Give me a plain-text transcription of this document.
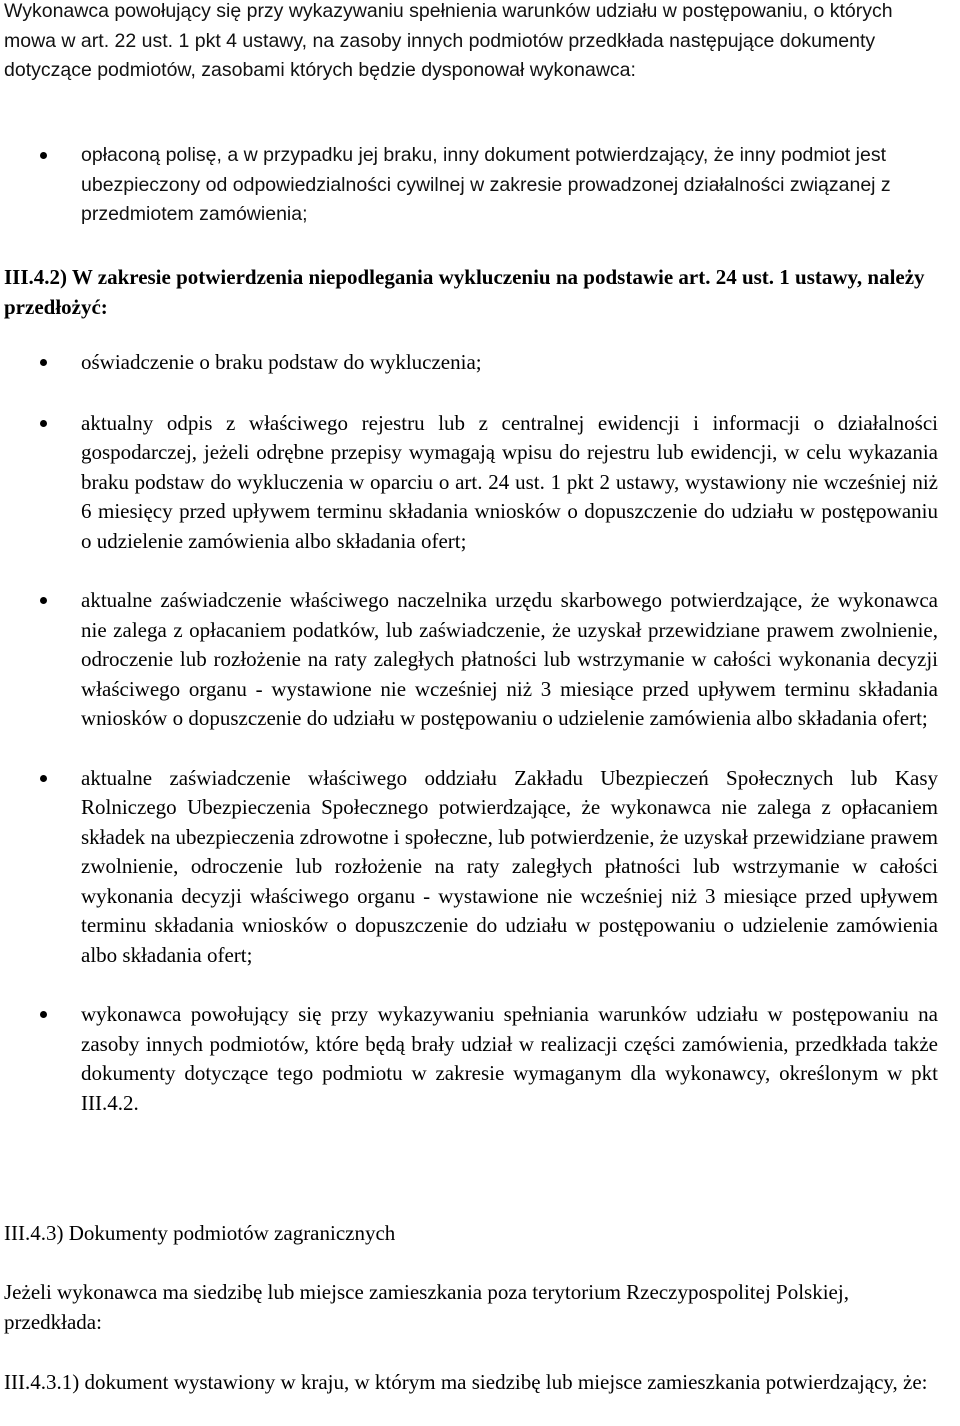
Wykonawca powołujący się przy wykazywaniu spełnienia warunków udziału w postępowaniu, o których mowa w art. 22 ust. 1 pkt 4 ustawy, na zasoby innych podmiotów przedkłada następujące dokumenty dotyczące podmiotów, zasobami których będzie dysponował wykonawca:

opłaconą polisę, a w przypadku jej braku, inny dokument potwierdzający, że inny podmiot jest ubezpieczony od odpowiedzialności cywilnej w zakresie prowadzonej działalności związanej z przedmiotem zamówienia;

III.4.2) W zakresie potwierdzenia niepodlegania wykluczeniu na podstawie art. 24 ust. 1 ustawy, należy przedłożyć:

oświadczenie o braku podstaw do wykluczenia;
aktualny odpis z właściwego rejestru lub z centralnej ewidencji i informacji o działalności gospodarczej, jeżeli odrębne przepisy wymagają wpisu do rejestru lub ewidencji, w celu wykazania braku podstaw do wykluczenia w oparciu o art. 24 ust. 1 pkt 2 ustawy, wystawiony nie wcześniej niż 6 miesięcy przed upływem terminu składania wniosków o dopuszczenie do udziału w postępowaniu o udzielenie zamówienia albo składania ofert;
aktualne zaświadczenie właściwego naczelnika urzędu skarbowego potwierdzające, że wykonawca nie zalega z opłacaniem podatków, lub zaświadczenie, że uzyskał przewidziane prawem zwolnienie, odroczenie lub rozłożenie na raty zaległych płatności lub wstrzymanie w całości wykonania decyzji właściwego organu - wystawione nie wcześniej niż 3 miesiące przed upływem terminu składania wniosków o dopuszczenie do udziału w postępowaniu o udzielenie zamówienia albo składania ofert;
aktualne zaświadczenie właściwego oddziału Zakładu Ubezpieczeń Społecznych lub Kasy Rolniczego Ubezpieczenia Społecznego potwierdzające, że wykonawca nie zalega z opłacaniem składek na ubezpieczenia zdrowotne i społeczne, lub potwierdzenie, że uzyskał przewidziane prawem zwolnienie, odroczenie lub rozłożenie na raty zaległych płatności lub wstrzymanie w całości wykonania decyzji właściwego organu - wystawione nie wcześniej niż 3 miesiące przed upływem terminu składania wniosków o dopuszczenie do udziału w postępowaniu o udzielenie zamówienia albo składania ofert;
wykonawca powołujący się przy wykazywaniu spełniania warunków udziału w postępowaniu na zasoby innych podmiotów, które będą brały udział w realizacji części zamówienia, przedkłada także dokumenty dotyczące tego podmiotu w zakresie wymaganym dla wykonawcy, określonym w pkt III.4.2.

III.4.3) Dokumenty podmiotów zagranicznych

Jeżeli wykonawca ma siedzibę lub miejsce zamieszkania poza terytorium Rzeczypospolitej Polskiej, przedkłada:

III.4.3.1) dokument wystawiony w kraju, w którym ma siedzibę lub miejsce zamieszkania potwierdzający, że:
